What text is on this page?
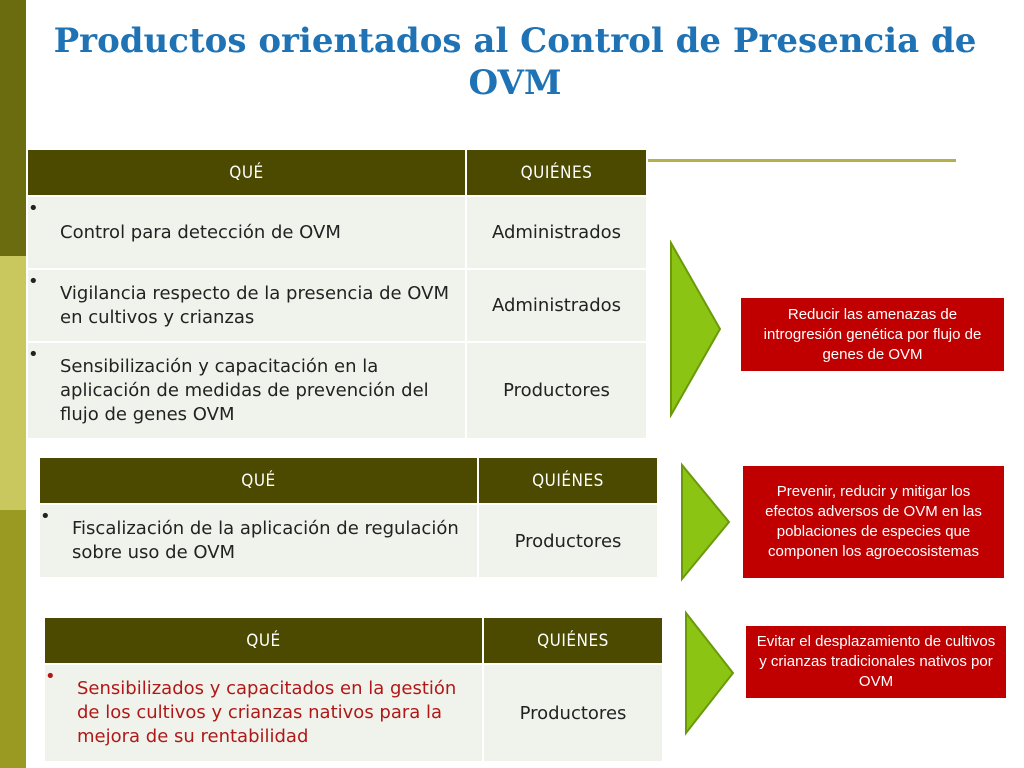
Productos orientados al Control de Presencia de OVM
QUÉ	QUIÉNES

•
Control para detección de OVM	Administrados

•
Vigilancia respecto de la presencia de OVM en cultivos y crianzas	Administrados

•
Sensibilización y capacitación en la aplicación de medidas de prevención del flujo de genes OVM	Productores
QUÉ	QUIÉNES

•
Fiscalización de la aplicación de regulación sobre uso de OVM	Productores
QUÉ	QUIÉNES

•
Sensibilizados y capacitados en la gestión de los cultivos y crianzas nativos para la mejora de su rentabilidad	Productores
Reducir las amenazas de introgresión genética por flujo de genes de OVM
Prevenir, reducir y mitigar los efectos adversos de OVM en las poblaciones de especies que componen los agroecosistemas
Evitar el desplazamiento de cultivos y crianzas tradicionales nativos por OVM
